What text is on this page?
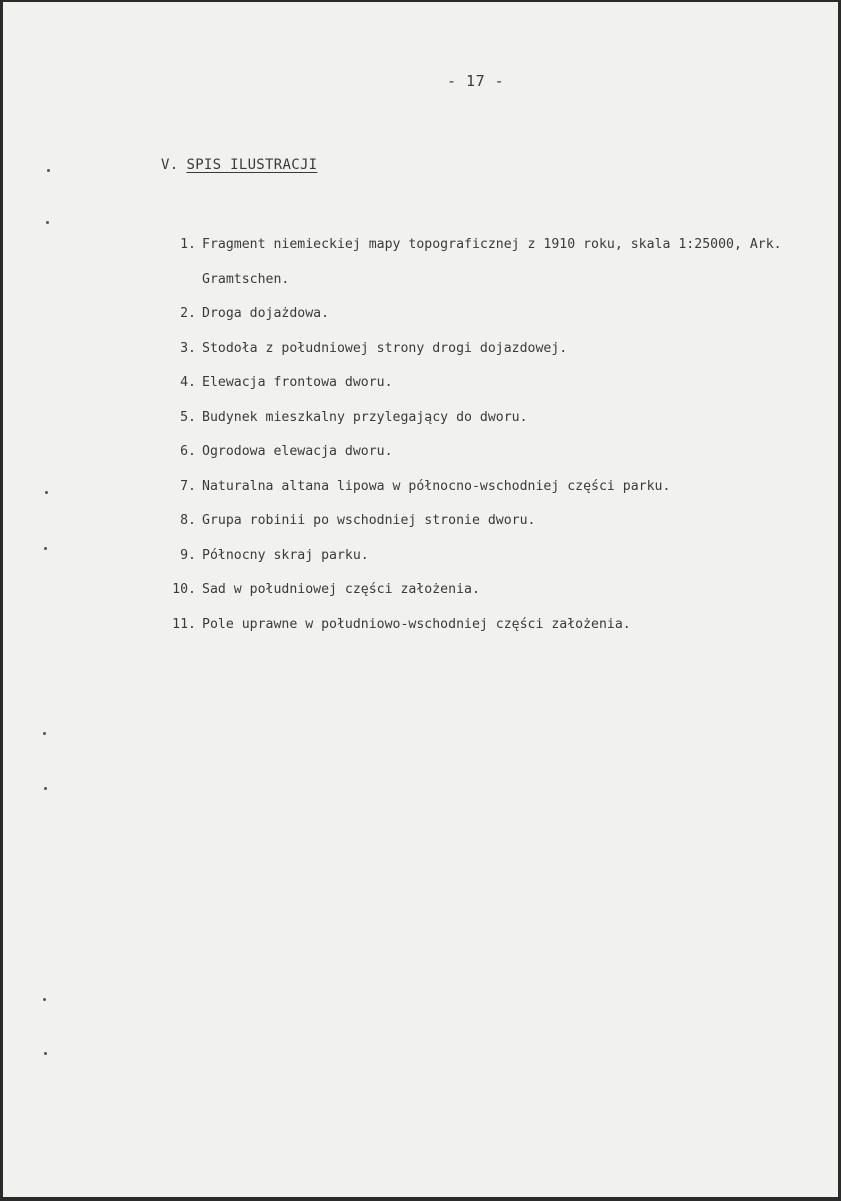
- 17 -
V. SPIS ILUSTRACJI
1. Fragment niemieckiej mapy topograficznej z 1910 roku, skala 1:25000, Ark. Gramtschen.
2. Droga dojażdowa.
3. Stodoła z południowej strony drogi dojazdowej.
4. Elewacja frontowa dworu.
5. Budynek mieszkalny przylegający do dworu.
6. Ogrodowa elewacja dworu.
7. Naturalna altana lipowa w północno-wschodniej części parku.
8. Grupa robinii po wschodniej stronie dworu.
9. Północny skraj parku.
10. Sad w południowej części założenia.
11. Pole uprawne w południowo-wschodniej części założenia.
